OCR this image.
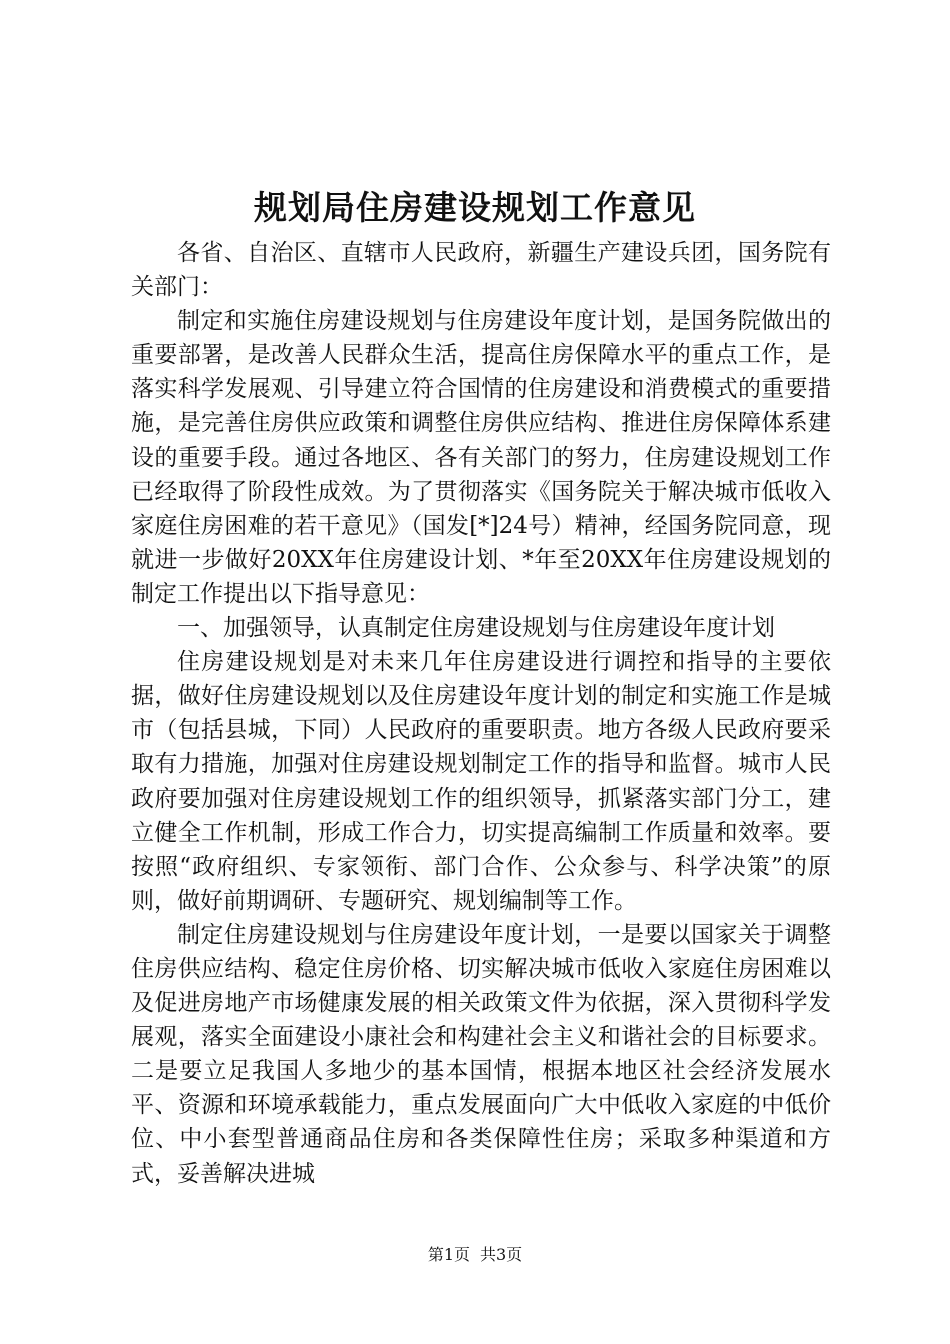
规划局住房建设规划工作意见

各省、自治区、直辖市人民政府，新疆生产建设兵团，国务院有关部门：

制定和实施住房建设规划与住房建设年度计划，是国务院做出的重要部署，是改善人民群众生活，提高住房保障水平的重点工作，是落实科学发展观、引导建立符合国情的住房建设和消费模式的重要措施，是完善住房供应政策和调整住房供应结构、推进住房保障体系建设的重要手段。通过各地区、各有关部门的努力，住房建设规划工作已经取得了阶段性成效。为了贯彻落实《国务院关于解决城市低收入家庭住房困难的若干意见》（国发[*]24号）精神，经国务院同意，现就进一步做好20XX年住房建设计划、*年至20XX年住房建设规划的制定工作提出以下指导意见：

一、加强领导，认真制定住房建设规划与住房建设年度计划

住房建设规划是对未来几年住房建设进行调控和指导的主要依据，做好住房建设规划以及住房建设年度计划的制定和实施工作是城市（包括县城，下同）人民政府的重要职责。地方各级人民政府要采取有力措施，加强对住房建设规划制定工作的指导和监督。城市人民政府要加强对住房建设规划工作的组织领导，抓紧落实部门分工，建立健全工作机制，形成工作合力，切实提高编制工作质量和效率。要按照“政府组织、专家领衔、部门合作、公众参与、科学决策”的原则，做好前期调研、专题研究、规划编制等工作。

制定住房建设规划与住房建设年度计划，一是要以国家关于调整住房供应结构、稳定住房价格、切实解决城市低收入家庭住房困难以及促进房地产市场健康发展的相关政策文件为依据，深入贯彻科学发展观，落实全面建设小康社会和构建社会主义和谐社会的目标要求。二是要立足我国人多地少的基本国情，根据本地区社会经济发展水平、资源和环境承载能力，重点发展面向广大中低收入家庭的中低价位、中小套型普通商品住房和各类保障性住房；采取多种渠道和方式，妥善解决进城

第1页 共3页
